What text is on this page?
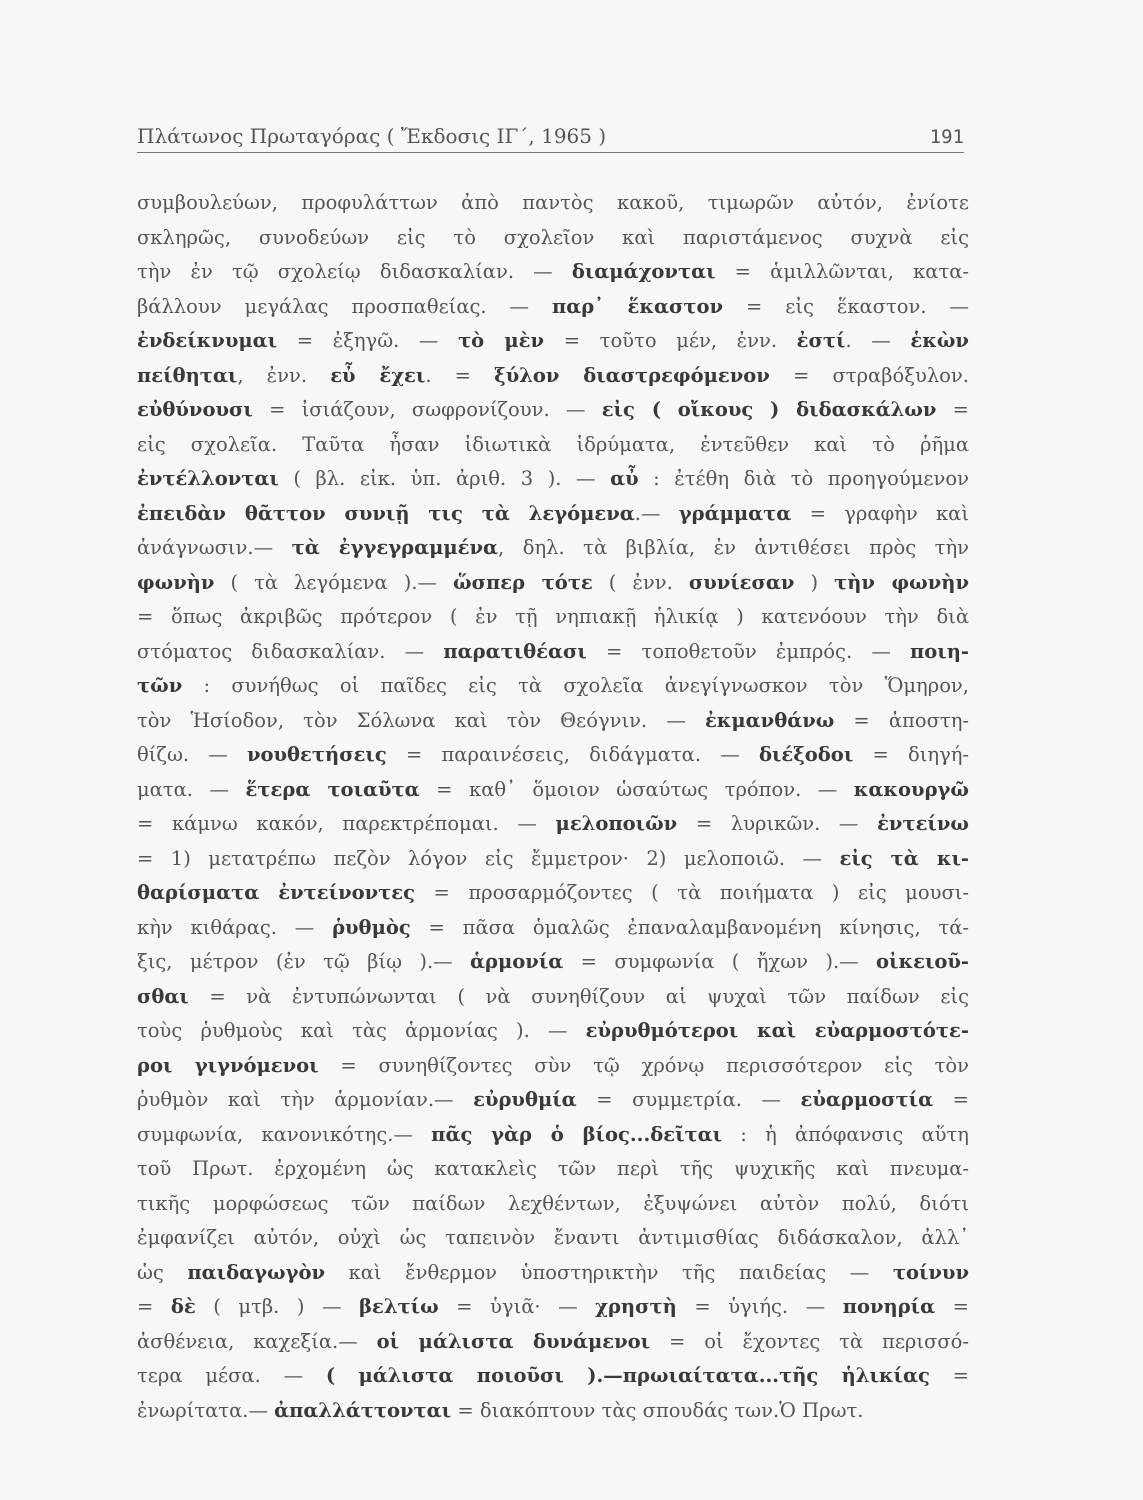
Πλάτωνος Πρωταγόρας ( Ἔκδοσις ΙΓ΄, 1965 )	191
συμβουλεύων, προφυλάττων ἀπὸ παντὸς κακοῦ, τιμωρῶν αὐτόν, ἐνίοτε
σκληρῶς, συνοδεύων εἰς τὸ σχολεῖον καὶ παριστάμενος συχνὰ εἰς
τὴν ἐν τῷ σχολείῳ διδασκαλίαν. — διαμάχονται = ἁμιλλῶνται, κατα-
βάλλουν μεγάλας προσπαθείας. — παρ᾽ ἕκαστον = εἰς ἕκαστον. —
ἐνδείκνυμαι = ἐξηγῶ. — τὸ μὲν = τοῦτο μέν, ἐνν. ἐστί. — ἑκὼν
πείθηται, ἐνν. εὖ ἔχει. = ξύλον διαστρεφόμενον = στραβόξυλον.
εὐθύνουσι = ἰσιάζουν, σωφρονίζουν. — εἰς ( οἴκους ) διδασκάλων =
εἰς σχολεῖα. Ταῦτα ἦσαν ἰδιωτικὰ ἱδρύματα, ἐντεῦθεν καὶ τὸ ῥῆμα
ἐντέλλονται ( βλ. εἰκ. ὑπ. ἀριθ. 3 ). — αὖ : ἐτέθη διὰ τὸ προηγούμενον
ἐπειδὰν θᾶττον συνιῇ τις τὰ λεγόμενα.— γράμματα = γραφὴν καὶ
ἀνάγνωσιν.— τὰ ἐγγεγραμμένα, δηλ. τὰ βιβλία, ἐν ἀντιθέσει πρὸς τὴν
φωνὴν ( τὰ λεγόμενα ).— ὥσπερ τότε ( ἐνν. συνίεσαν ) τὴν φωνὴν
= ὅπως ἀκριβῶς πρότερον ( ἐν τῇ νηπιακῇ ἡλικίᾳ ) κατενόουν τὴν διὰ
στόματος διδασκαλίαν. — παρατιθέασι = τοποθετοῦν ἐμπρός. — ποιη-
τῶν : συνήθως οἱ παῖδες εἰς τὰ σχολεῖα ἀνεγίγνωσκον τὸν Ὅμηρον,
τὸν Ἡσίοδον, τὸν Σόλωνα καὶ τὸν Θεόγνιν. — ἐκμανθάνω = ἀποστη-
θίζω. — νουθετήσεις = παραινέσεις, διδάγματα. — διέξοδοι = διηγή-
ματα. — ἕτερα τοιαῦτα = καθ᾽ ὅμοιον ὡσαύτως τρόπον. — κακουργῶ
= κάμνω κακόν, παρεκτρέπομαι. — μελοποιῶν = λυρικῶν. — ἐντείνω
= 1) μετατρέπω πεζὸν λόγον εἰς ἔμμετρον· 2) μελοποιῶ. — εἰς τὰ κι-
θαρίσματα ἐντείνοντες = προσαρμόζοντες ( τὰ ποιήματα ) εἰς μουσι-
κὴν κιθάρας. — ῥυθμὸς = πᾶσα ὁμαλῶς ἐπαναλαμβανομένη κίνησις, τά-
ξις, μέτρον (ἐν τῷ βίῳ ).— ἁρμονία = συμφωνία ( ἤχων ).— οἰκειοῦ-
σθαι = νὰ ἐντυπώνωνται ( νὰ συνηθίζουν αἱ ψυχαὶ τῶν παίδων εἰς
τοὺς ῥυθμοὺς καὶ τὰς ἁρμονίας ). — εὐρυθμότεροι καὶ εὐαρμοστότε-
ροι γιγνόμενοι = συνηθίζοντες σὺν τῷ χρόνῳ περισσότερον εἰς τὸν
ῥυθμὸν καὶ τὴν ἁρμονίαν.— εὐρυθμία = συμμετρία. — εὐαρμοστία =
συμφωνία, κανονικότης.— πᾶς γὰρ ὁ βίος...δεῖται : ἡ ἀπόφανσις αὕτη
τοῦ Πρωτ. ἐρχομένη ὡς κατακλεὶς τῶν περὶ τῆς ψυχικῆς καὶ πνευμα-
τικῆς μορφώσεως τῶν παίδων λεχθέντων, ἐξυψώνει αὐτὸν πολύ, διότι
ἐμφανίζει αὐτόν, οὐχὶ ὡς ταπεινὸν ἔναντι ἀντιμισθίας διδάσκαλον, ἀλλ᾽
ὡς παιδαγωγὸν καὶ ἔνθερμον ὑποστηρικτὴν τῆς παιδείας — τοίνυν
= δὲ ( μτβ. ) — βελτίω = ὑγιᾶ· — χρηστὴ = ὑγιής. — πονηρία =
ἀσθένεια, καχεξία.— οἱ μάλιστα δυνάμενοι = οἱ ἔχοντες τὰ περισσό-
τερα μέσα. — ( μάλιστα ποιοῦσι ).—πρωιαίτατα...τῆς ἡλικίας =
ἐνωρίτατα.— ἀπαλλάττονται = διακόπτουν τὰς σπουδάς των.Ὁ Πρωτ.
